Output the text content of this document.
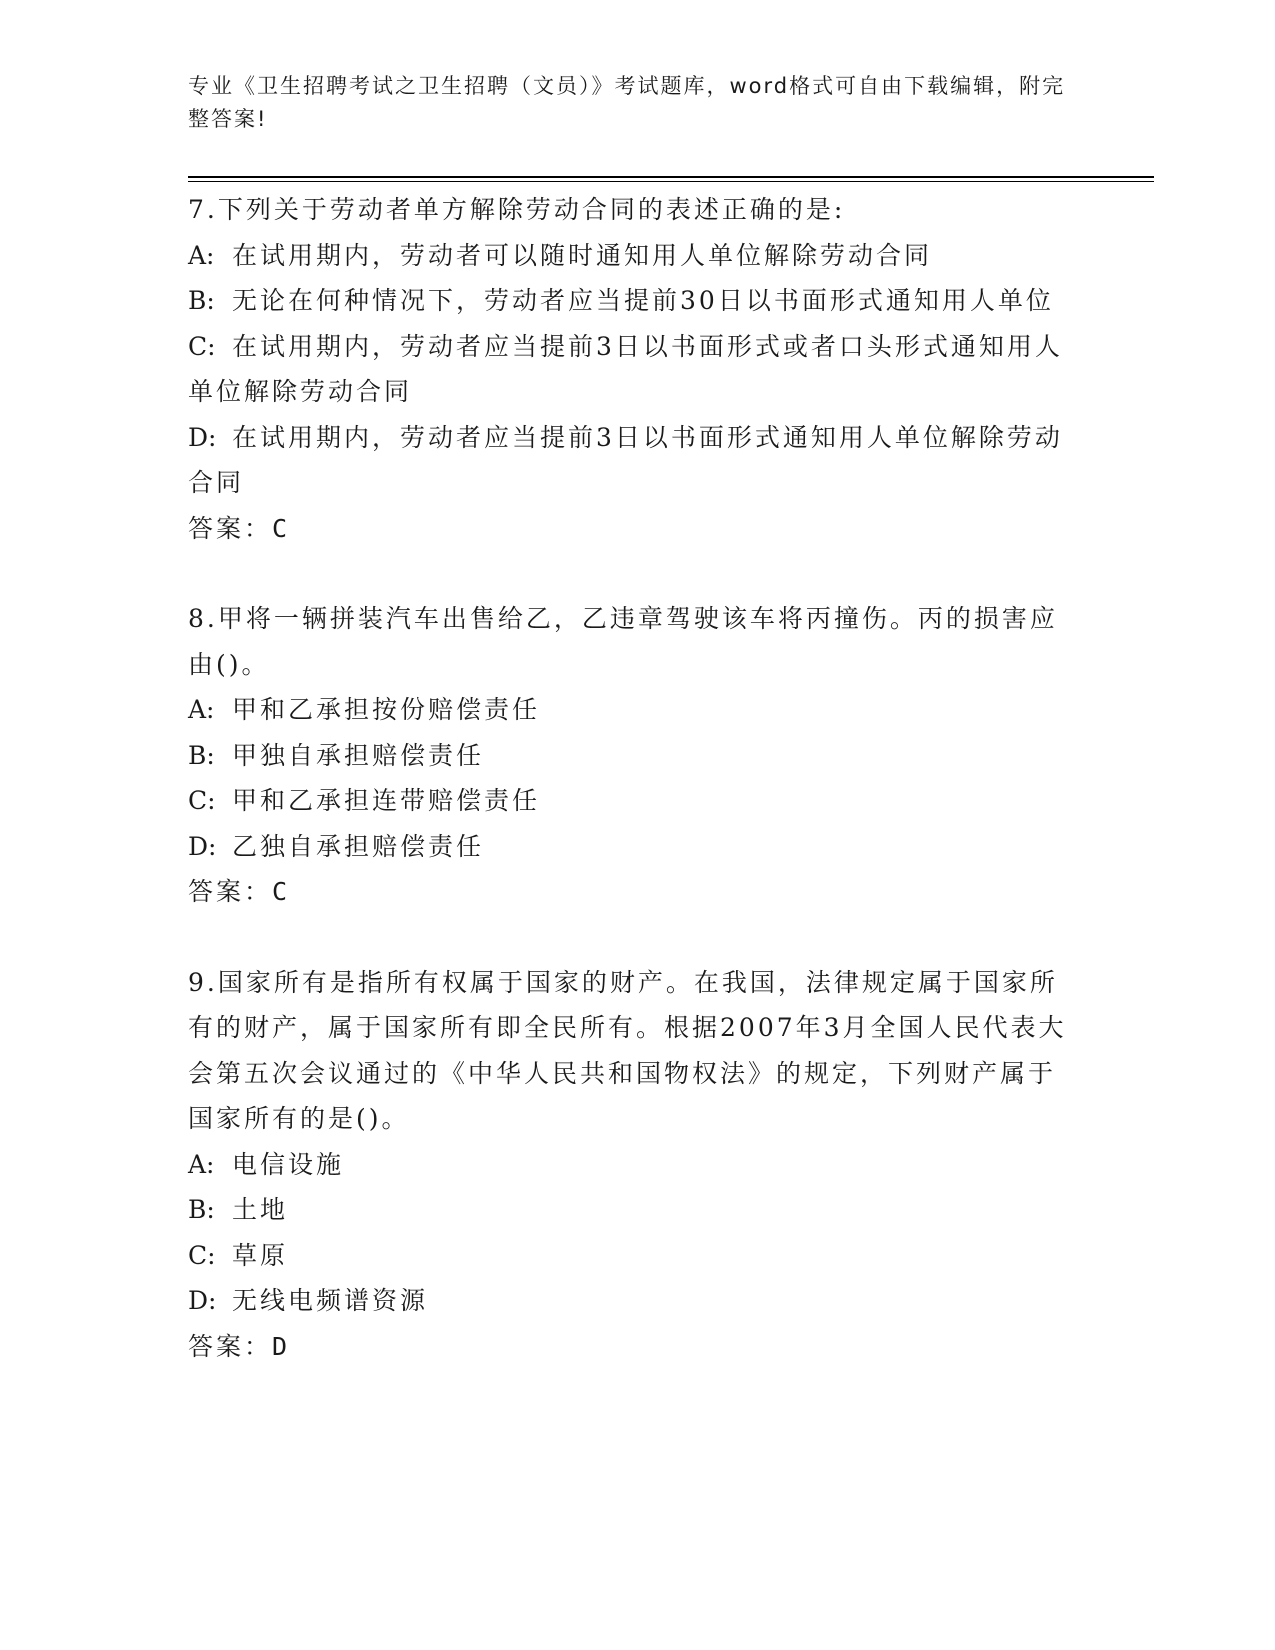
专业《卫生招聘考试之卫生招聘（文员）》考试题库，word格式可自由下载编辑，附完整答案!
7.下列关于劳动者单方解除劳动合同的表述正确的是:
A: 在试用期内，劳动者可以随时通知用人单位解除劳动合同
B: 无论在何种情况下，劳动者应当提前30日以书面形式通知用人单位
C: 在试用期内，劳动者应当提前3日以书面形式或者口头形式通知用人单位解除劳动合同
D: 在试用期内，劳动者应当提前3日以书面形式通知用人单位解除劳动合同
答案：C
8.甲将一辆拼装汽车出售给乙，乙违章驾驶该车将丙撞伤。丙的损害应由()。
A: 甲和乙承担按份赔偿责任
B: 甲独自承担赔偿责任
C: 甲和乙承担连带赔偿责任
D: 乙独自承担赔偿责任
答案：C
9.国家所有是指所有权属于国家的财产。在我国，法律规定属于国家所有的财产，属于国家所有即全民所有。根据2007年3月全国人民代表大会第五次会议通过的《中华人民共和国物权法》的规定，下列财产属于国家所有的是()。
A: 电信设施
B: 土地
C: 草原
D: 无线电频谱资源
答案：D
